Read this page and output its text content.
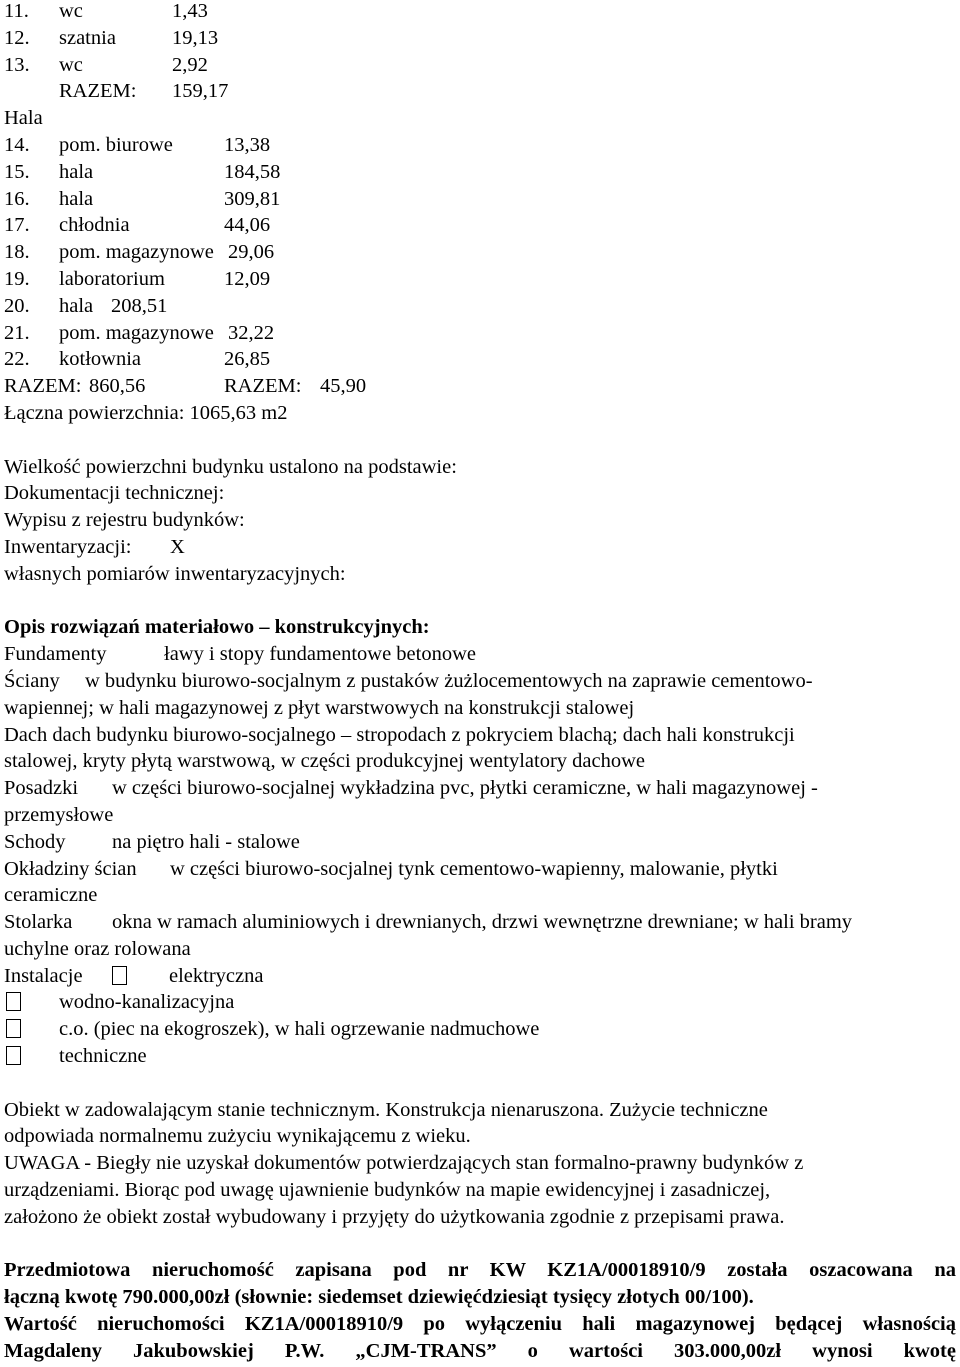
11. wc	1,43
12. szatnia	19,13
13. wc	2,92
RAZEM: 159,17
Hala
14. pom. biurowe 13,38
15. hala	184,58
16. hala	309,81
17. chłodnia	44,06
18. pom. magazynowe 29,06
19. laboratorium	12,09
20. hala 208,51
21. pom. magazynowe 32,22
22. kotłownia	26,85
RAZEM: 860,56	RAZEM: 45,90
Łączna powierzchnia: 1065,63 m2
Wielkość powierzchni budynku ustalono na podstawie:
Dokumentacji technicznej:
Wypisu z rejestru budynków:
Inwentaryzacji: X
własnych pomiarów inwentaryzacyjnych:
Opis rozwiązań materiałowo – konstrukcyjnych:
Fundamenty	ławy i stopy fundamentowe betonowe
Ściany w budynku biurowo-socjalnym z pustaków żużlocementowych na zaprawie cementowo-
wapiennej; w hali magazynowej z płyt warstwowych na konstrukcji stalowej
Dach dach budynku biurowo-socjalnego – stropodach z pokryciem blachą; dach hali konstrukcji
stalowej, kryty płytą warstwową, w części produkcyjnej wentylatory dachowe
Posadzki w części biurowo-socjalnej wykładzina pvc, płytki ceramiczne, w hali magazynowej -
przemysłowe
Schody na piętro hali - stalowe
Okładziny ścian w części biurowo-socjalnej tynk cementowo-wapienny, malowanie, płytki
ceramiczne
Stolarka okna w ramach aluminiowych i drewnianych, drzwi wewnętrzne drewniane; w hali bramy
uchylne oraz rolowana
Instalacje	elektryczna
wodno-kanalizacyjna
c.o. (piec na ekogroszek), w hali ogrzewanie nadmuchowe
techniczne
Obiekt w zadowalającym stanie technicznym. Konstrukcja nienaruszona. Zużycie techniczne
odpowiada normalnemu zużyciu wynikającemu z wieku.
UWAGA - Biegły nie uzyskał dokumentów potwierdzających stan formalno-prawny budynków z
urządzeniami. Biorąc pod uwagę ujawnienie budynków na mapie ewidencyjnej i zasadniczej,
założono że obiekt został wybudowany i przyjęty do użytkowania zgodnie z przepisami prawa.
Przedmiotowa nieruchomość zapisana pod nr KW KZ1A/00018910/9 została oszacowana na
łączną kwotę 790.000,00zł (słownie: siedemset dziewięćdziesiąt tysięcy złotych 00/100).
Wartość nieruchomości KZ1A/00018910/9 po wyłączeniu hali magazynowej będącej własnością
Magdaleny Jakubowskiej P.W. „CJM-TRANS” o wartości 303.000,00zł wynosi kwotę
